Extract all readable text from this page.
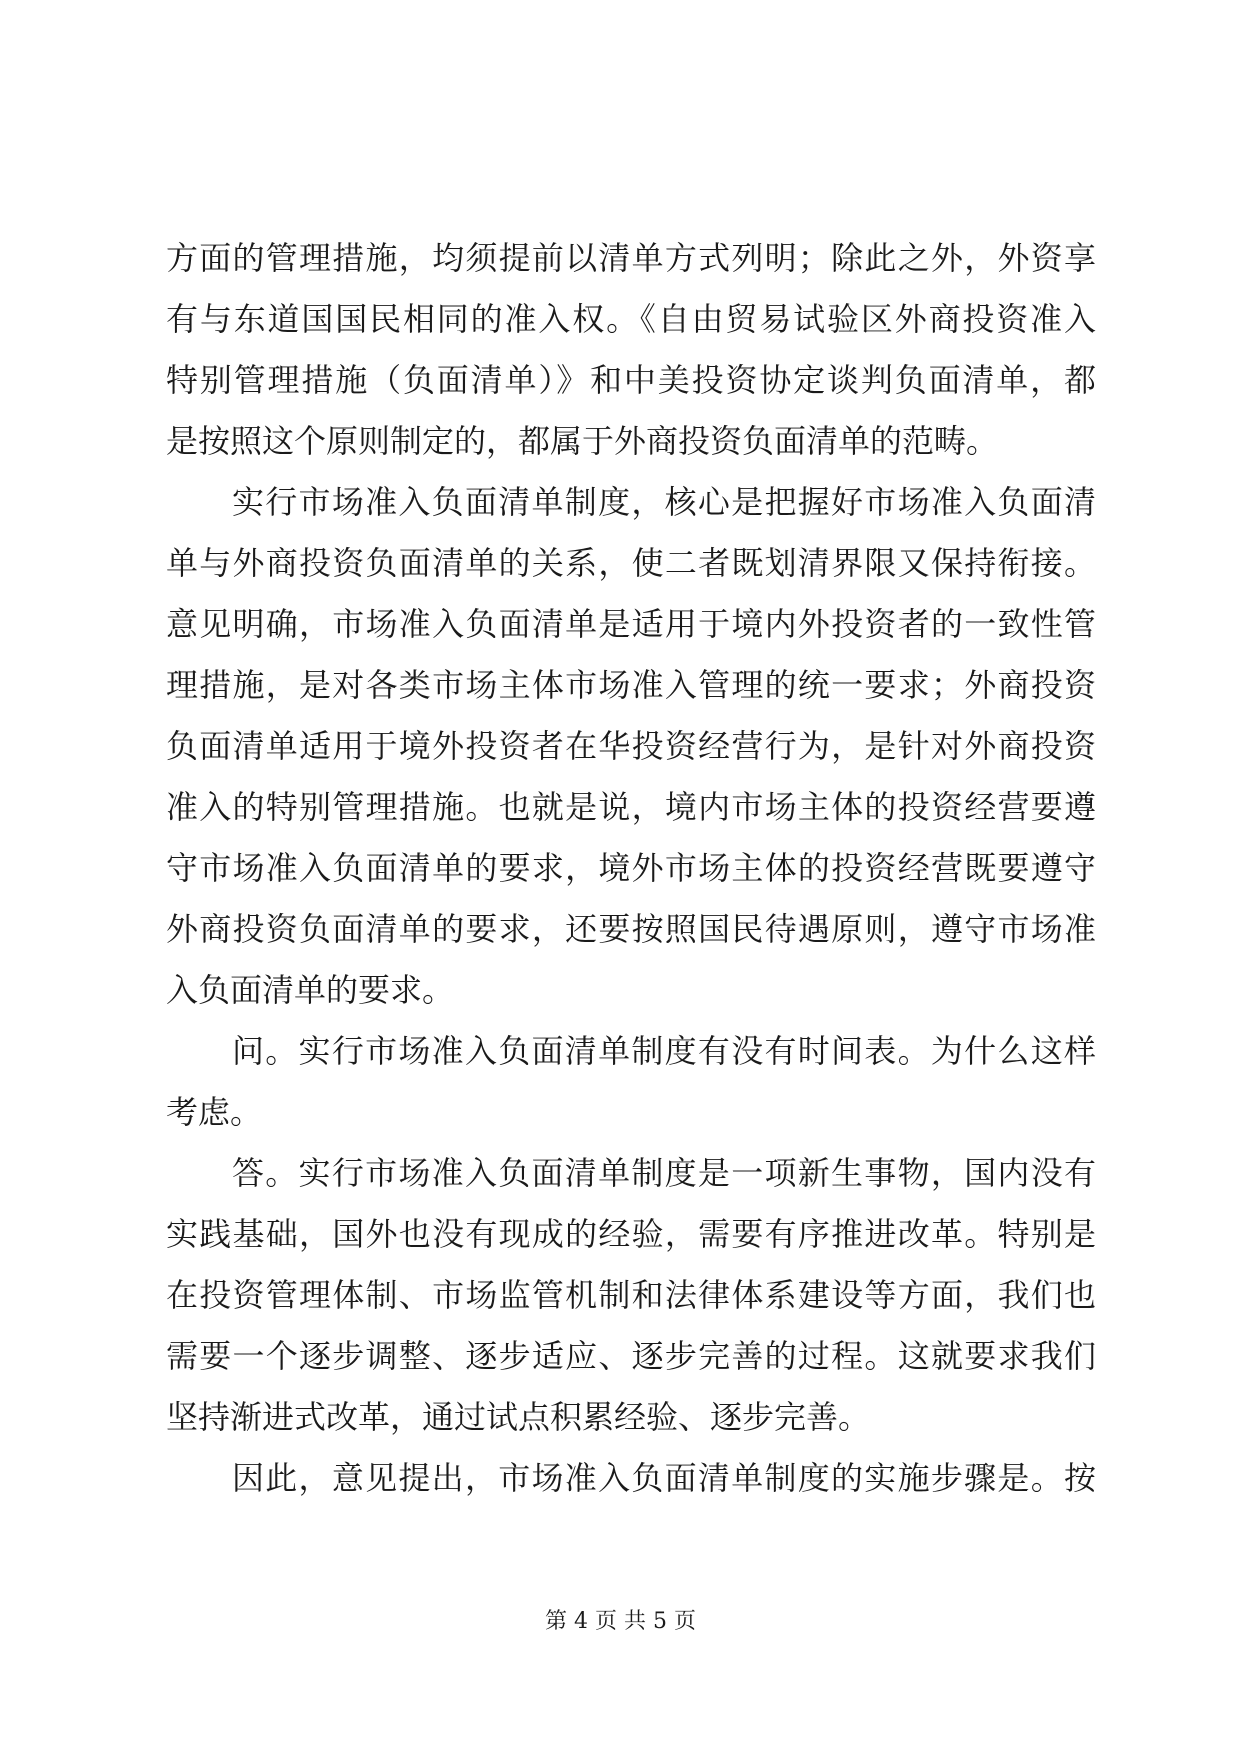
方面的管理措施，均须提前以清单方式列明；除此之外，外资享
有与东道国国民相同的准入权。《自由贸易试验区外商投资准入
特别管理措施（负面清单）》和中美投资协定谈判负面清单，都
是按照这个原则制定的，都属于外商投资负面清单的范畴。
实行市场准入负面清单制度，核心是把握好市场准入负面清
单与外商投资负面清单的关系，使二者既划清界限又保持衔接。
意见明确，市场准入负面清单是适用于境内外投资者的一致性管
理措施，是对各类市场主体市场准入管理的统一要求；外商投资
负面清单适用于境外投资者在华投资经营行为，是针对外商投资
准入的特别管理措施。也就是说，境内市场主体的投资经营要遵
守市场准入负面清单的要求，境外市场主体的投资经营既要遵守
外商投资负面清单的要求，还要按照国民待遇原则，遵守市场准
入负面清单的要求。
问。实行市场准入负面清单制度有没有时间表。为什么这样
考虑。
答。实行市场准入负面清单制度是一项新生事物，国内没有
实践基础，国外也没有现成的经验，需要有序推进改革。特别是
在投资管理体制、市场监管机制和法律体系建设等方面，我们也
需要一个逐步调整、逐步适应、逐步完善的过程。这就要求我们
坚持渐进式改革，通过试点积累经验、逐步完善。
因此，意见提出，市场准入负面清单制度的实施步骤是。按
第 4 页 共 5 页
